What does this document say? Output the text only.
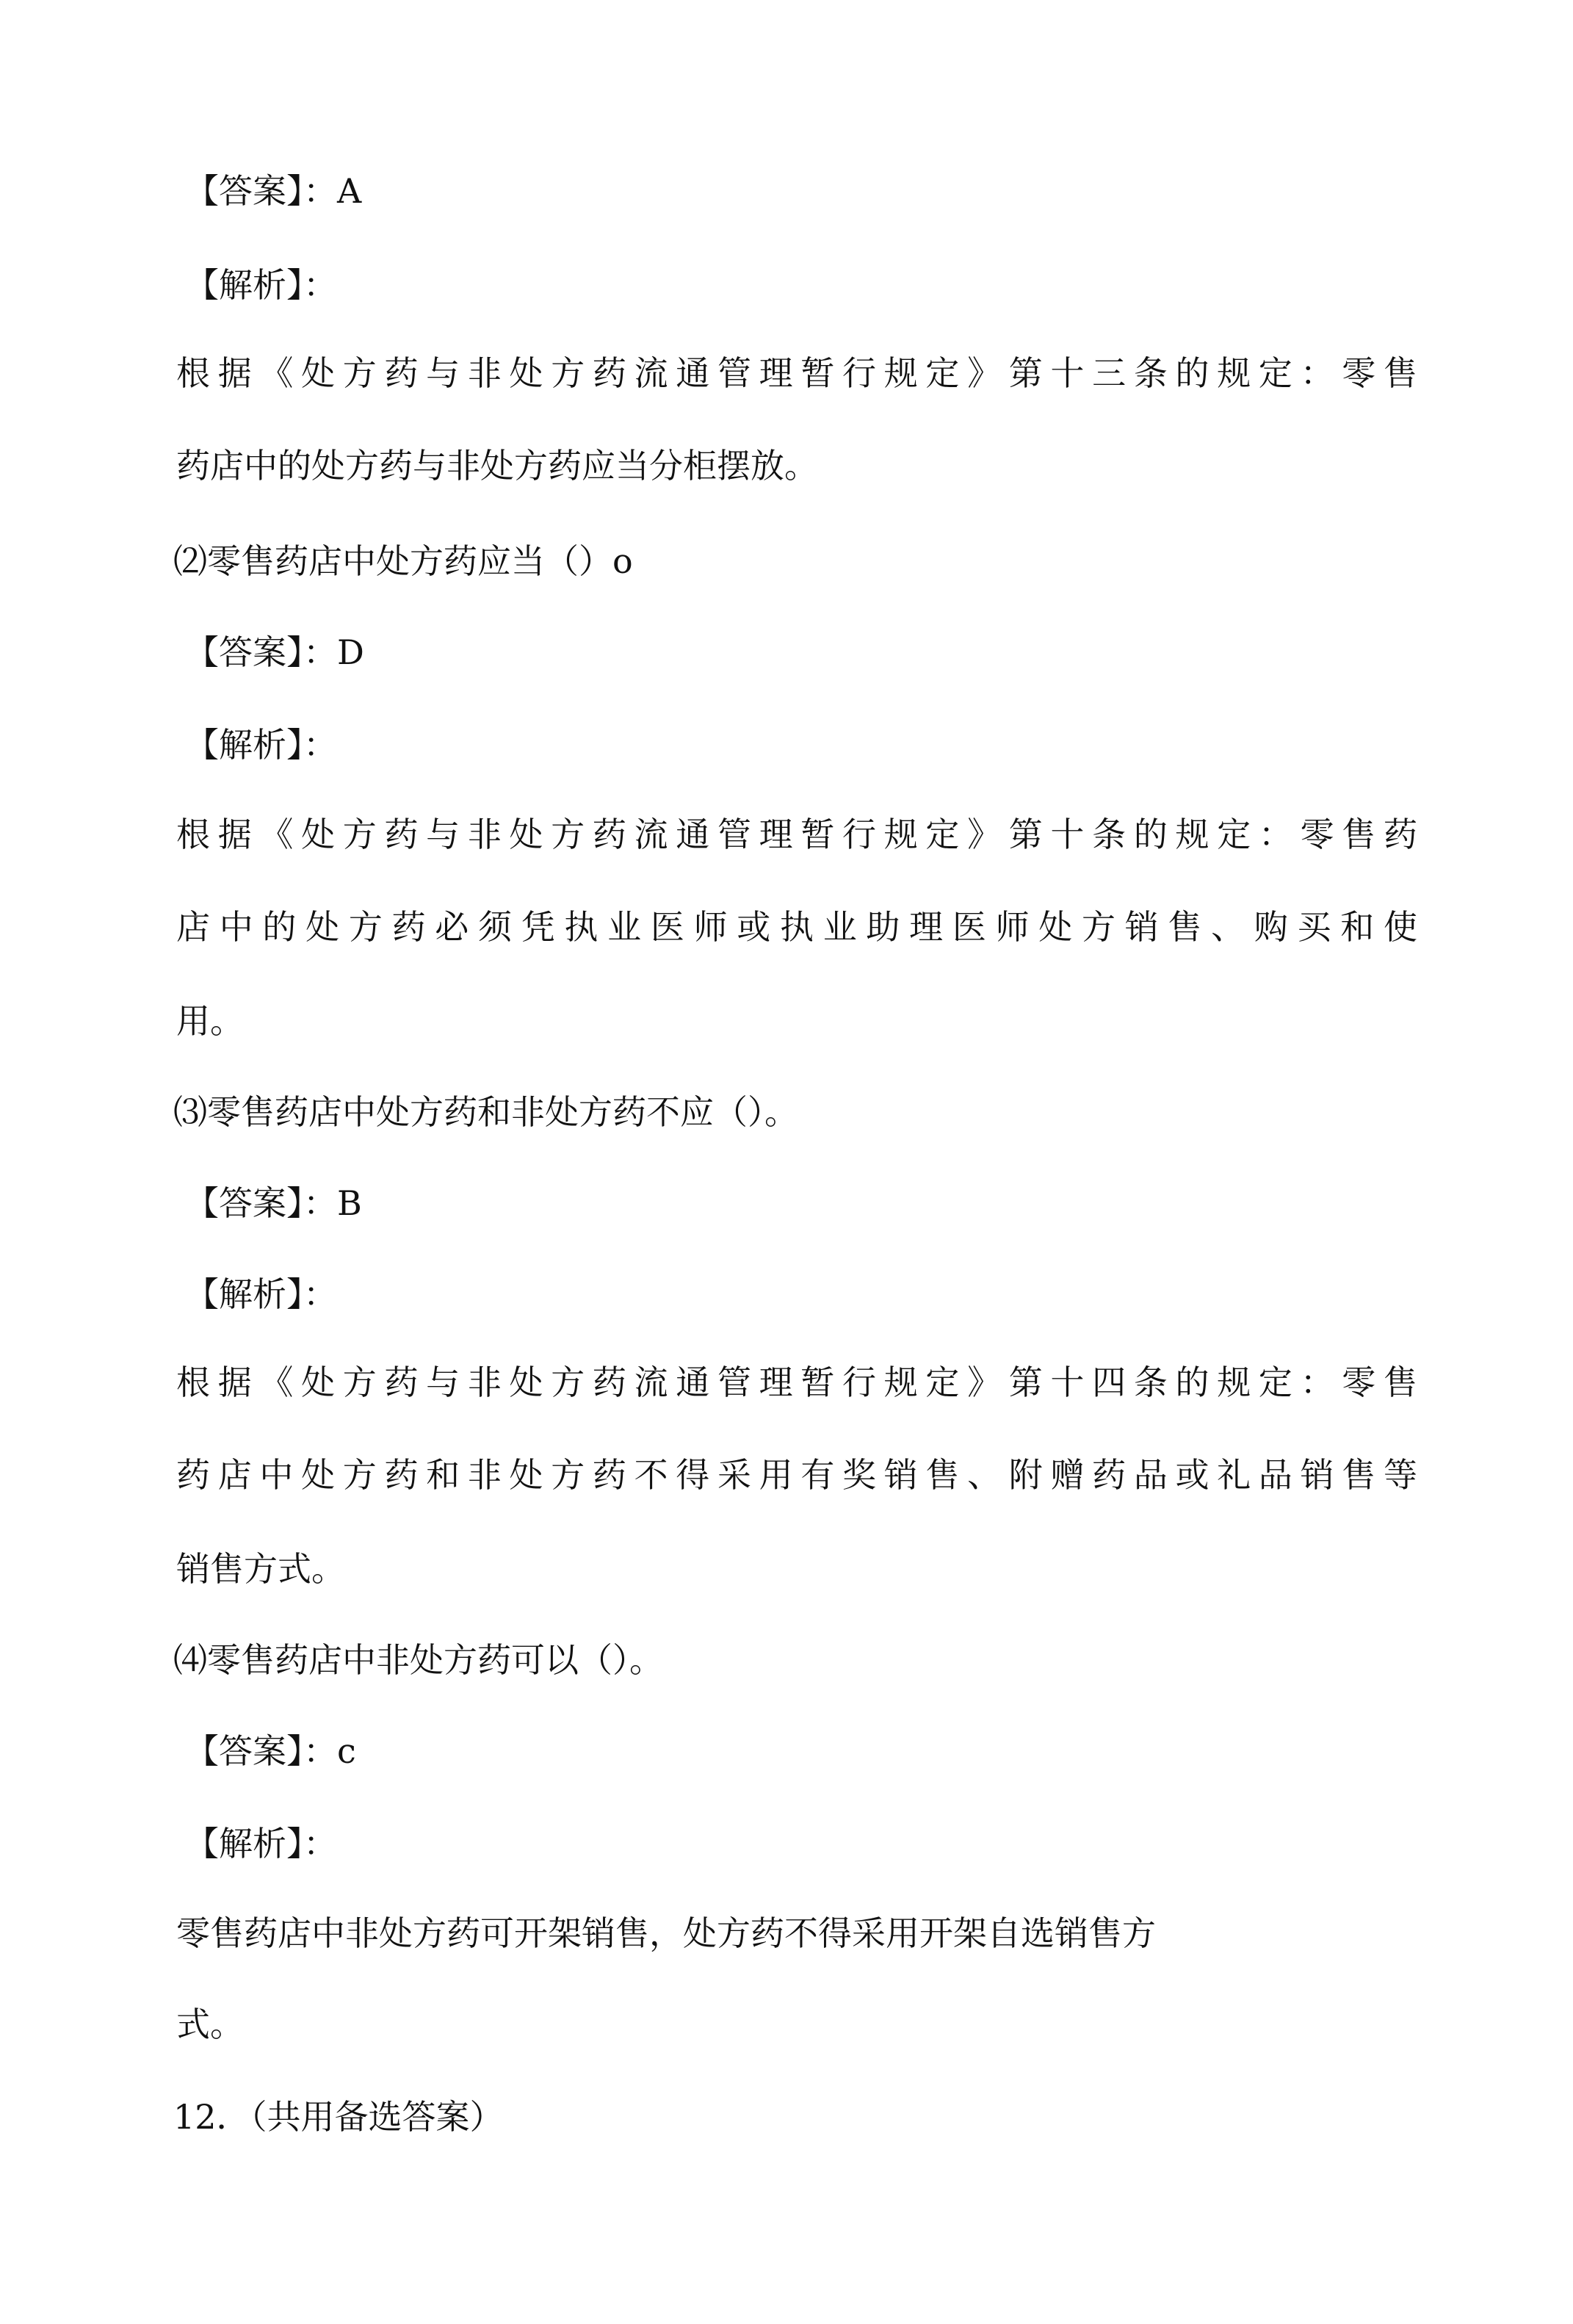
【答案】：A
【解析】：
根据《处方药与非处方药流通管理暂行规定》第十三条的规定：零售
药店中的处方药与非处方药应当分柜摆放。
⑵零售药店中处方药应当（）o
【答案】：D
【解析】：
根据《处方药与非处方药流通管理暂行规定》第十条的规定：零售药
店中的处方药必须凭执业医师或执业助理医师处方销售、购买和使
用。
⑶零售药店中处方药和非处方药不应（）。
【答案】：B
【解析】：
根据《处方药与非处方药流通管理暂行规定》第十四条的规定：零售
药店中处方药和非处方药不得采用有奖销售、附赠药品或礼品销售等
销售方式。
⑷零售药店中非处方药可以（）。
【答案】：c
【解析】：
零售药店中非处方药可开架销售，处方药不得采用开架自选销售方
式。
12．（共用备选答案）
